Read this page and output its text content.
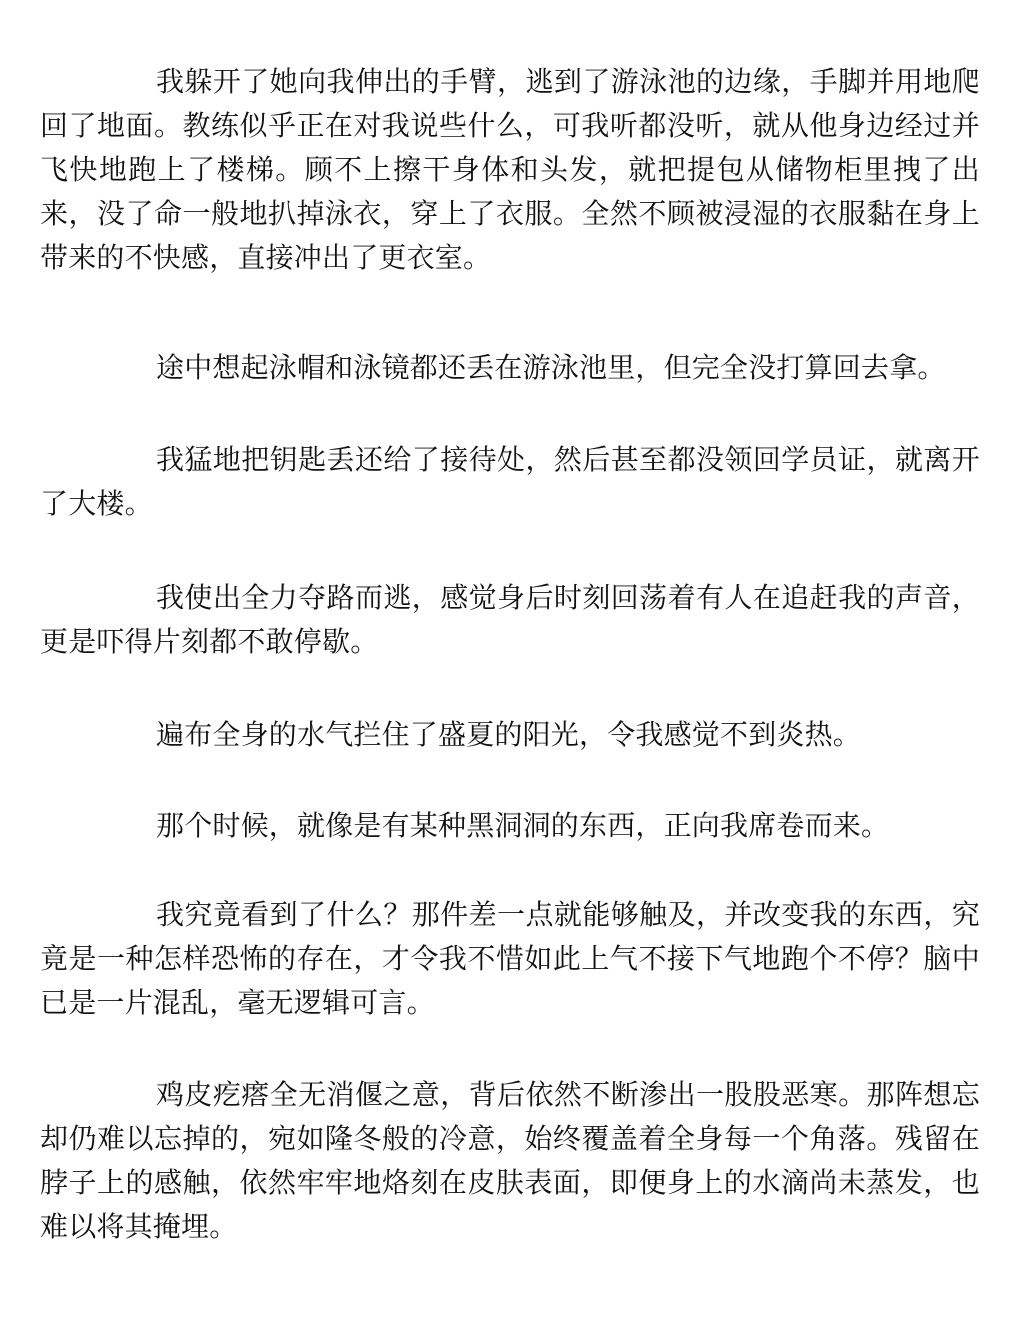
我躲开了她向我伸出的手臂，逃到了游泳池的边缘，手脚并用地爬回了地面。教练似乎正在对我说些什么，可我听都没听，就从他身边经过并飞快地跑上了楼梯。顾不上擦干身体和头发，就把提包从储物柜里拽了出来，没了命一般地扒掉泳衣，穿上了衣服。全然不顾被浸湿的衣服黏在身上带来的不快感，直接冲出了更衣室。

途中想起泳帽和泳镜都还丢在游泳池里，但完全没打算回去拿。

我猛地把钥匙丢还给了接待处，然后甚至都没领回学员证，就离开了大楼。

我使出全力夺路而逃，感觉身后时刻回荡着有人在追赶我的声音，更是吓得片刻都不敢停歇。

遍布全身的水气拦住了盛夏的阳光，令我感觉不到炎热。

那个时候，就像是有某种黑洞洞的东西，正向我席卷而来。

我究竟看到了什么？那件差一点就能够触及，并改变我的东西，究竟是一种怎样恐怖的存在，才令我不惜如此上气不接下气地跑个不停？脑中已是一片混乱，毫无逻辑可言。

鸡皮疙瘩全无消偃之意，背后依然不断渗出一股股恶寒。那阵想忘却仍难以忘掉的，宛如隆冬般的冷意，始终覆盖着全身每一个角落。残留在脖子上的感触，依然牢牢地烙刻在皮肤表面，即便身上的水滴尚未蒸发，也难以将其掩埋。
